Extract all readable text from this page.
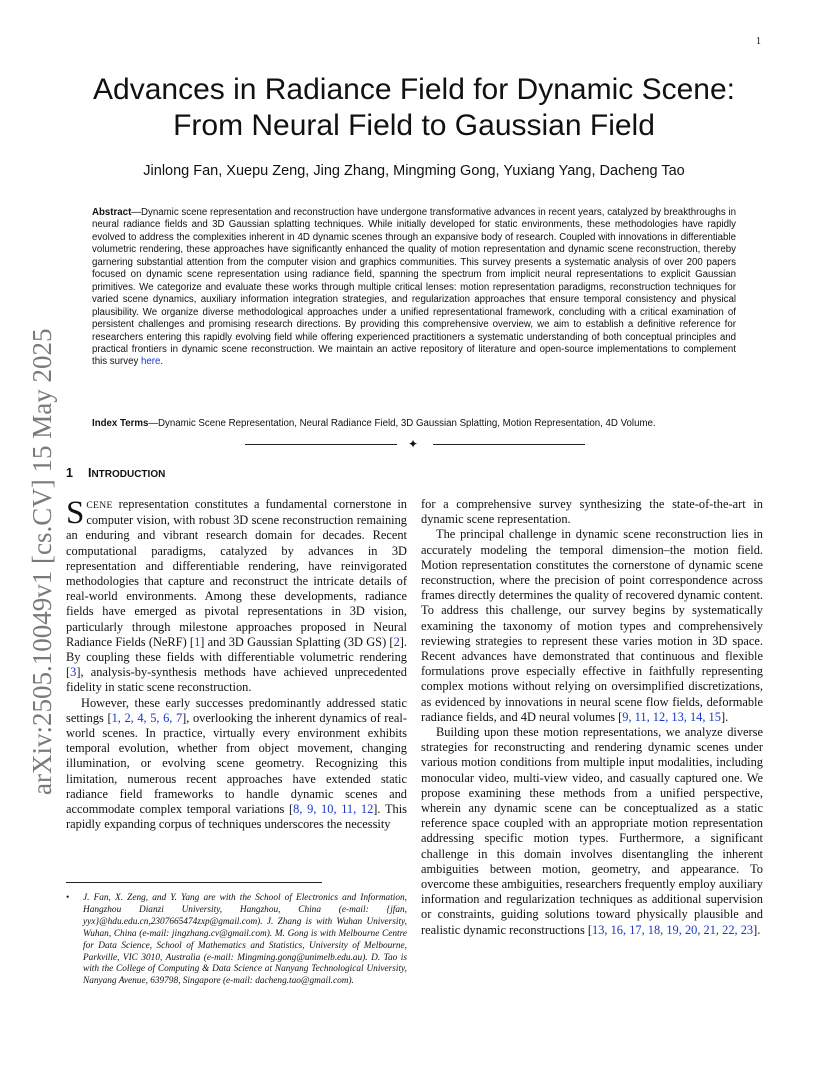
1
arXiv:2505.10049v1 [cs.CV] 15 May 2025
Advances in Radiance Field for Dynamic Scene:
From Neural Field to Gaussian Field
Jinlong Fan, Xuepu Zeng, Jing Zhang, Mingming Gong, Yuxiang Yang, Dacheng Tao
Abstract—Dynamic scene representation and reconstruction have undergone transformative advances in recent years, catalyzed by breakthroughs in neural radiance fields and 3D Gaussian splatting techniques. While initially developed for static environments, these methodologies have rapidly evolved to address the complexities inherent in 4D dynamic scenes through an expansive body of research. Coupled with innovations in differentiable volumetric rendering, these approaches have significantly enhanced the quality of motion representation and dynamic scene reconstruction, thereby garnering substantial attention from the computer vision and graphics communities. This survey presents a systematic analysis of over 200 papers focused on dynamic scene representation using radiance field, spanning the spectrum from implicit neural representations to explicit Gaussian primitives. We categorize and evaluate these works through multiple critical lenses: motion representation paradigms, reconstruction techniques for varied scene dynamics, auxiliary information integration strategies, and regularization approaches that ensure temporal consistency and physical plausibility. We organize diverse methodological approaches under a unified representational framework, concluding with a critical examination of persistent challenges and promising research directions. By providing this comprehensive overview, we aim to establish a definitive reference for researchers entering this rapidly evolving field while offering experienced practitioners a systematic understanding of both conceptual principles and practical frontiers in dynamic scene reconstruction. We maintain an active repository of literature and open-source implementations to complement this survey here.
Index Terms—Dynamic Scene Representation, Neural Radiance Field, 3D Gaussian Splatting, Motion Representation, 4D Volume.
✦
1 INTRODUCTION

SCENE representation constitutes a fundamental cornerstone in computer vision, with robust 3D scene reconstruction remaining an enduring and vibrant research domain for decades. Recent computational paradigms, catalyzed by advances in 3D representation and differentiable rendering, have reinvigorated methodologies that capture and reconstruct the intricate details of real-world environments. Among these developments, radiance fields have emerged as pivotal representations in 3D vision, particularly through milestone approaches proposed in Neural Radiance Fields (NeRF) [1] and 3D Gaussian Splatting (3D GS) [2]. By coupling these fields with differentiable volumetric rendering [3], analysis-by-synthesis methods have achieved unprecedented fidelity in static scene reconstruction.

However, these early successes predominantly addressed static settings [1, 2, 4, 5, 6, 7], overlooking the inherent dynamics of real-world scenes. In practice, virtually every environment exhibits temporal evolution, whether from object movement, changing illumination, or evolving scene geometry. Recognizing this limitation, numerous recent approaches have extended static radiance field frameworks to handle dynamic scenes and accommodate complex temporal variations [8, 9, 10, 11, 12]. This rapidly expanding corpus of techniques underscores the necessity

• J. Fan, X. Zeng, and Y. Yang are with the School of Electronics and Information, Hangzhou Dianzi University, Hangzhou, China (e-mail: {jfan, yyx}@hdu.edu.cn,2307665474zxp@gmail.com). J. Zhang is with Wuhan University, Wuhan, China (e-mail: jingzhang.cv@gmail.com). M. Gong is with Melbourne Centre for Data Science, School of Mathematics and Statistics, University of Melbourne, Parkville, VIC 3010, Australia (e-mail: Mingming.gong@unimelb.edu.au). D. Tao is with the College of Computing & Data Science at Nanyang Technological University, Nanyang Avenue, 639798, Singapore (e-mail: dacheng.tao@gmail.com).

for a comprehensive survey synthesizing the state-of-the-art in dynamic scene representation.

The principal challenge in dynamic scene reconstruction lies in accurately modeling the temporal dimension–the motion field. Motion representation constitutes the cornerstone of dynamic scene reconstruction, where the precision of point correspondence across frames directly determines the quality of recovered dynamic content. To address this challenge, our survey begins by systematically examining the taxonomy of motion types and comprehensively reviewing strategies to represent these varies motion in 3D space. Recent advances have demonstrated that continuous and flexible formulations prove especially effective in faithfully representing complex motions without relying on oversimplified discretizations, as evidenced by innovations in neural scene flow fields, deformable radiance fields, and 4D neural volumes [9, 11, 12, 13, 14, 15].

Building upon these motion representations, we analyze diverse strategies for reconstructing and rendering dynamic scenes under various motion conditions from multiple input modalities, including monocular video, multi-view video, and casually captured one. We propose examining these methods from a unified perspective, wherein any dynamic scene can be conceptualized as a static reference space coupled with an appropriate motion representation addressing specific motion types. Furthermore, a significant challenge in this domain involves disentangling the inherent ambiguities between motion, geometry, and appearance. To overcome these ambiguities, researchers frequently employ auxiliary information and regularization techniques as additional supervision or constraints, guiding solutions toward physically plausible and realistic dynamic reconstructions [13, 16, 17, 18, 19, 20, 21, 22, 23].
